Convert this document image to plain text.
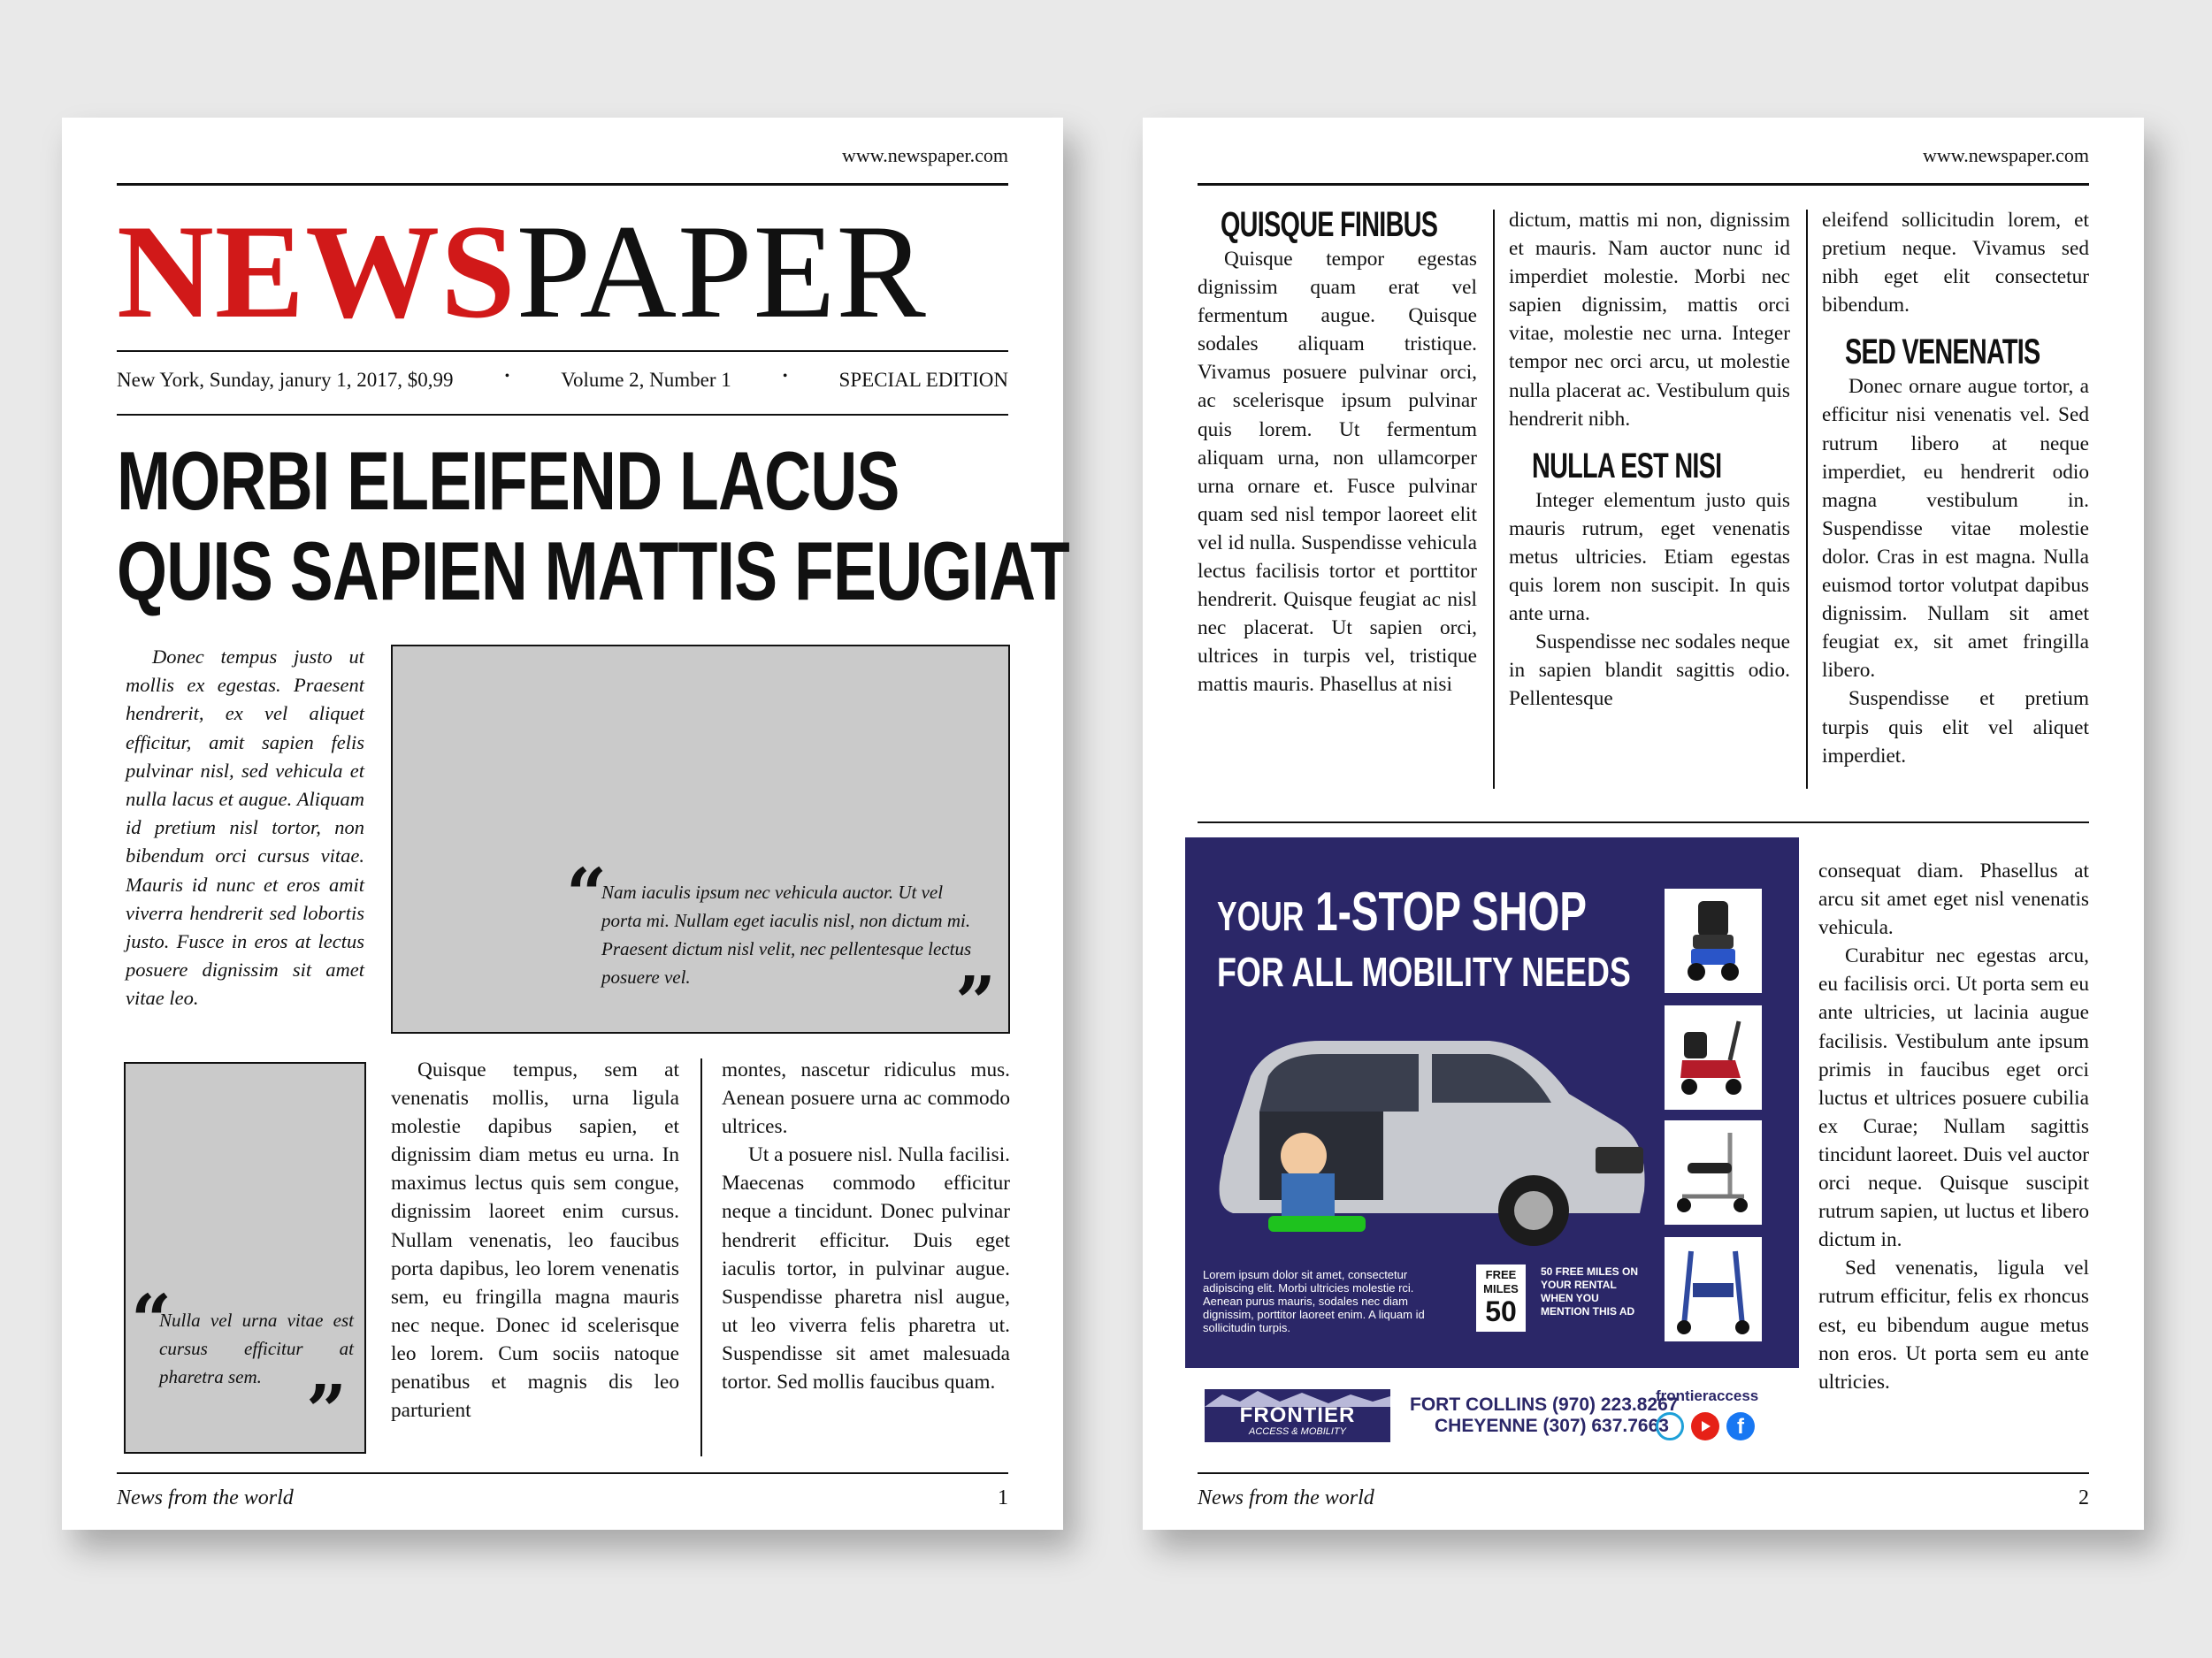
www.newspaper.com
NEWSPAPER
New York, Sunday, janury 1, 2017, $0,99	•	Volume 2, Number 1	•	SPECIAL EDITION
MORBI ELEIFEND LACUS
QUIS SAPIEN MATTIS FEUGIAT

Donec tempus justo ut mollis ex egestas. Praesent hendrerit, ex vel aliquet efficitur, amit sapien felis pulvinar nisl, sed vehicula et nulla lacus et augue. Aliquam id pretium nisl tortor, non bibendum orci cursus vitae. Mauris id nunc et eros amit viverra hendrerit sed lobortis justo. Fusce in eros at lectus posuere dignissim sit amet vitae leo.

“
Nam iaculis ipsum nec vehicula auctor. Ut vel porta mi. Nullam eget iaculis nisl, non dictum mi. Praesent dictum nisl velit, nec pellentesque lectus posuere vel.	”
“
Nulla vel urna vitae est cursus efficitur at pharetra sem. ”

Quisque tempus, sem at venenatis mollis, urna ligula molestie dapibus sapien, et dignissim diam metus eu urna. In maximus lectus quis sem congue, dignissim laoreet enim cursus. Nullam venenatis, leo faucibus porta dapibus, leo lorem venenatis sem, eu fringilla magna mauris nec neque. Donec id scelerisque leo lorem. Cum sociis natoque penatibus et magnis dis leo parturient

montes, nascetur ridiculus mus. Aenean posuere urna ac commodo ultrices.

Ut a posuere nisl. Nulla facilisi. Maecenas commodo efficitur neque a tincidunt. Donec pulvinar hendrerit efficitur. Duis eget iaculis tortor, in pulvinar augue. Suspendisse pharetra nisl augue, ut leo viverra felis pharetra ut. Suspendisse sit amet malesuada tortor. Sed mollis faucibus quam.

News from the world	1
www.newspaper.com
QUISQUE FINIBUS

Quisque tempor egestas dignissim quam erat vel fermentum augue. Quisque sodales aliquam tristique. Vivamus posuere pulvinar orci, ac scelerisque ipsum pulvinar quis lorem. Ut fermentum aliquam urna, non ullamcorper urna ornare et. Fusce pulvinar quam sed nisl tempor laoreet elit vel id nulla. Suspendisse vehicula lectus facilisis tortor et porttitor hendrerit. Quisque feugiat ac nisl nec placerat. Ut sapien orci, ultrices in turpis vel, tristique mattis mauris. Phasellus at nisi

dictum, mattis mi non, dignissim et mauris. Nam auctor nunc id imperdiet molestie. Morbi nec sapien dignissim, mattis orci vitae, molestie nec urna. Integer tempor nec orci arcu, ut molestie nulla placerat ac. Vestibulum quis hendrerit nibh.

NULLA EST NISI

Integer elementum justo quis mauris rutrum, eget venenatis metus ultricies. Etiam egestas quis lorem non suscipit. In quis ante urna.

Suspendisse nec sodales neque in sapien blandit sagittis odio. Pellentesque

eleifend sollicitudin lorem, et pretium neque. Vivamus sed nibh eget elit consectetur bibendum.

SED VENENATIS

Donec ornare augue tortor, a efficitur nisi venenatis vel. Sed rutrum libero at neque imperdiet, eu hendrerit odio magna vestibulum in. Suspendisse vitae molestie dolor. Cras in est magna. Nulla euismod tortor volutpat dapibus dignissim. Nullam sit amet feugiat ex, sit amet fringilla libero.

Suspendisse et pretium turpis quis elit vel aliquet imperdiet.

YOUR 1-STOP SHOP
FOR ALL MOBILITY NEEDS
Lorem ipsum dolor sit amet, consectetur adipiscing elit. Morbi ultricies molestie rci. Aenean purus mauris, sodales nec diam dignissim, porttitor laoreet enim. A liquam id sollicitudin turpis.
FREE
MILES
50
50 FREE MILES ON YOUR RENTAL WHEN YOU MENTION THIS AD
FRONTIER
ACCESS & MOBILITY
FORT COLLINS (970) 223.8267
CHEYENNE (307) 637.7663
frontieraccess
f

consequat diam. Phasellus at arcu sit amet eget nisl venenatis vehicula.

Curabitur nec egestas arcu, eu facilisis orci. Ut porta sem eu ante ultricies, ut lacinia augue facilisis. Vestibulum ante ipsum primis in faucibus eget orci luctus et ultrices posuere cubilia ex Curae; Nullam sagittis tincidunt laoreet. Duis vel auctor orci neque. Quisque suscipit rutrum sapien, ut luctus et libero dictum in.

Sed venenatis, ligula vel rutrum efficitur, felis ex rhoncus est, eu bibendum augue metus non eros. Ut porta sem eu ante ultricies.

News from the world	2
